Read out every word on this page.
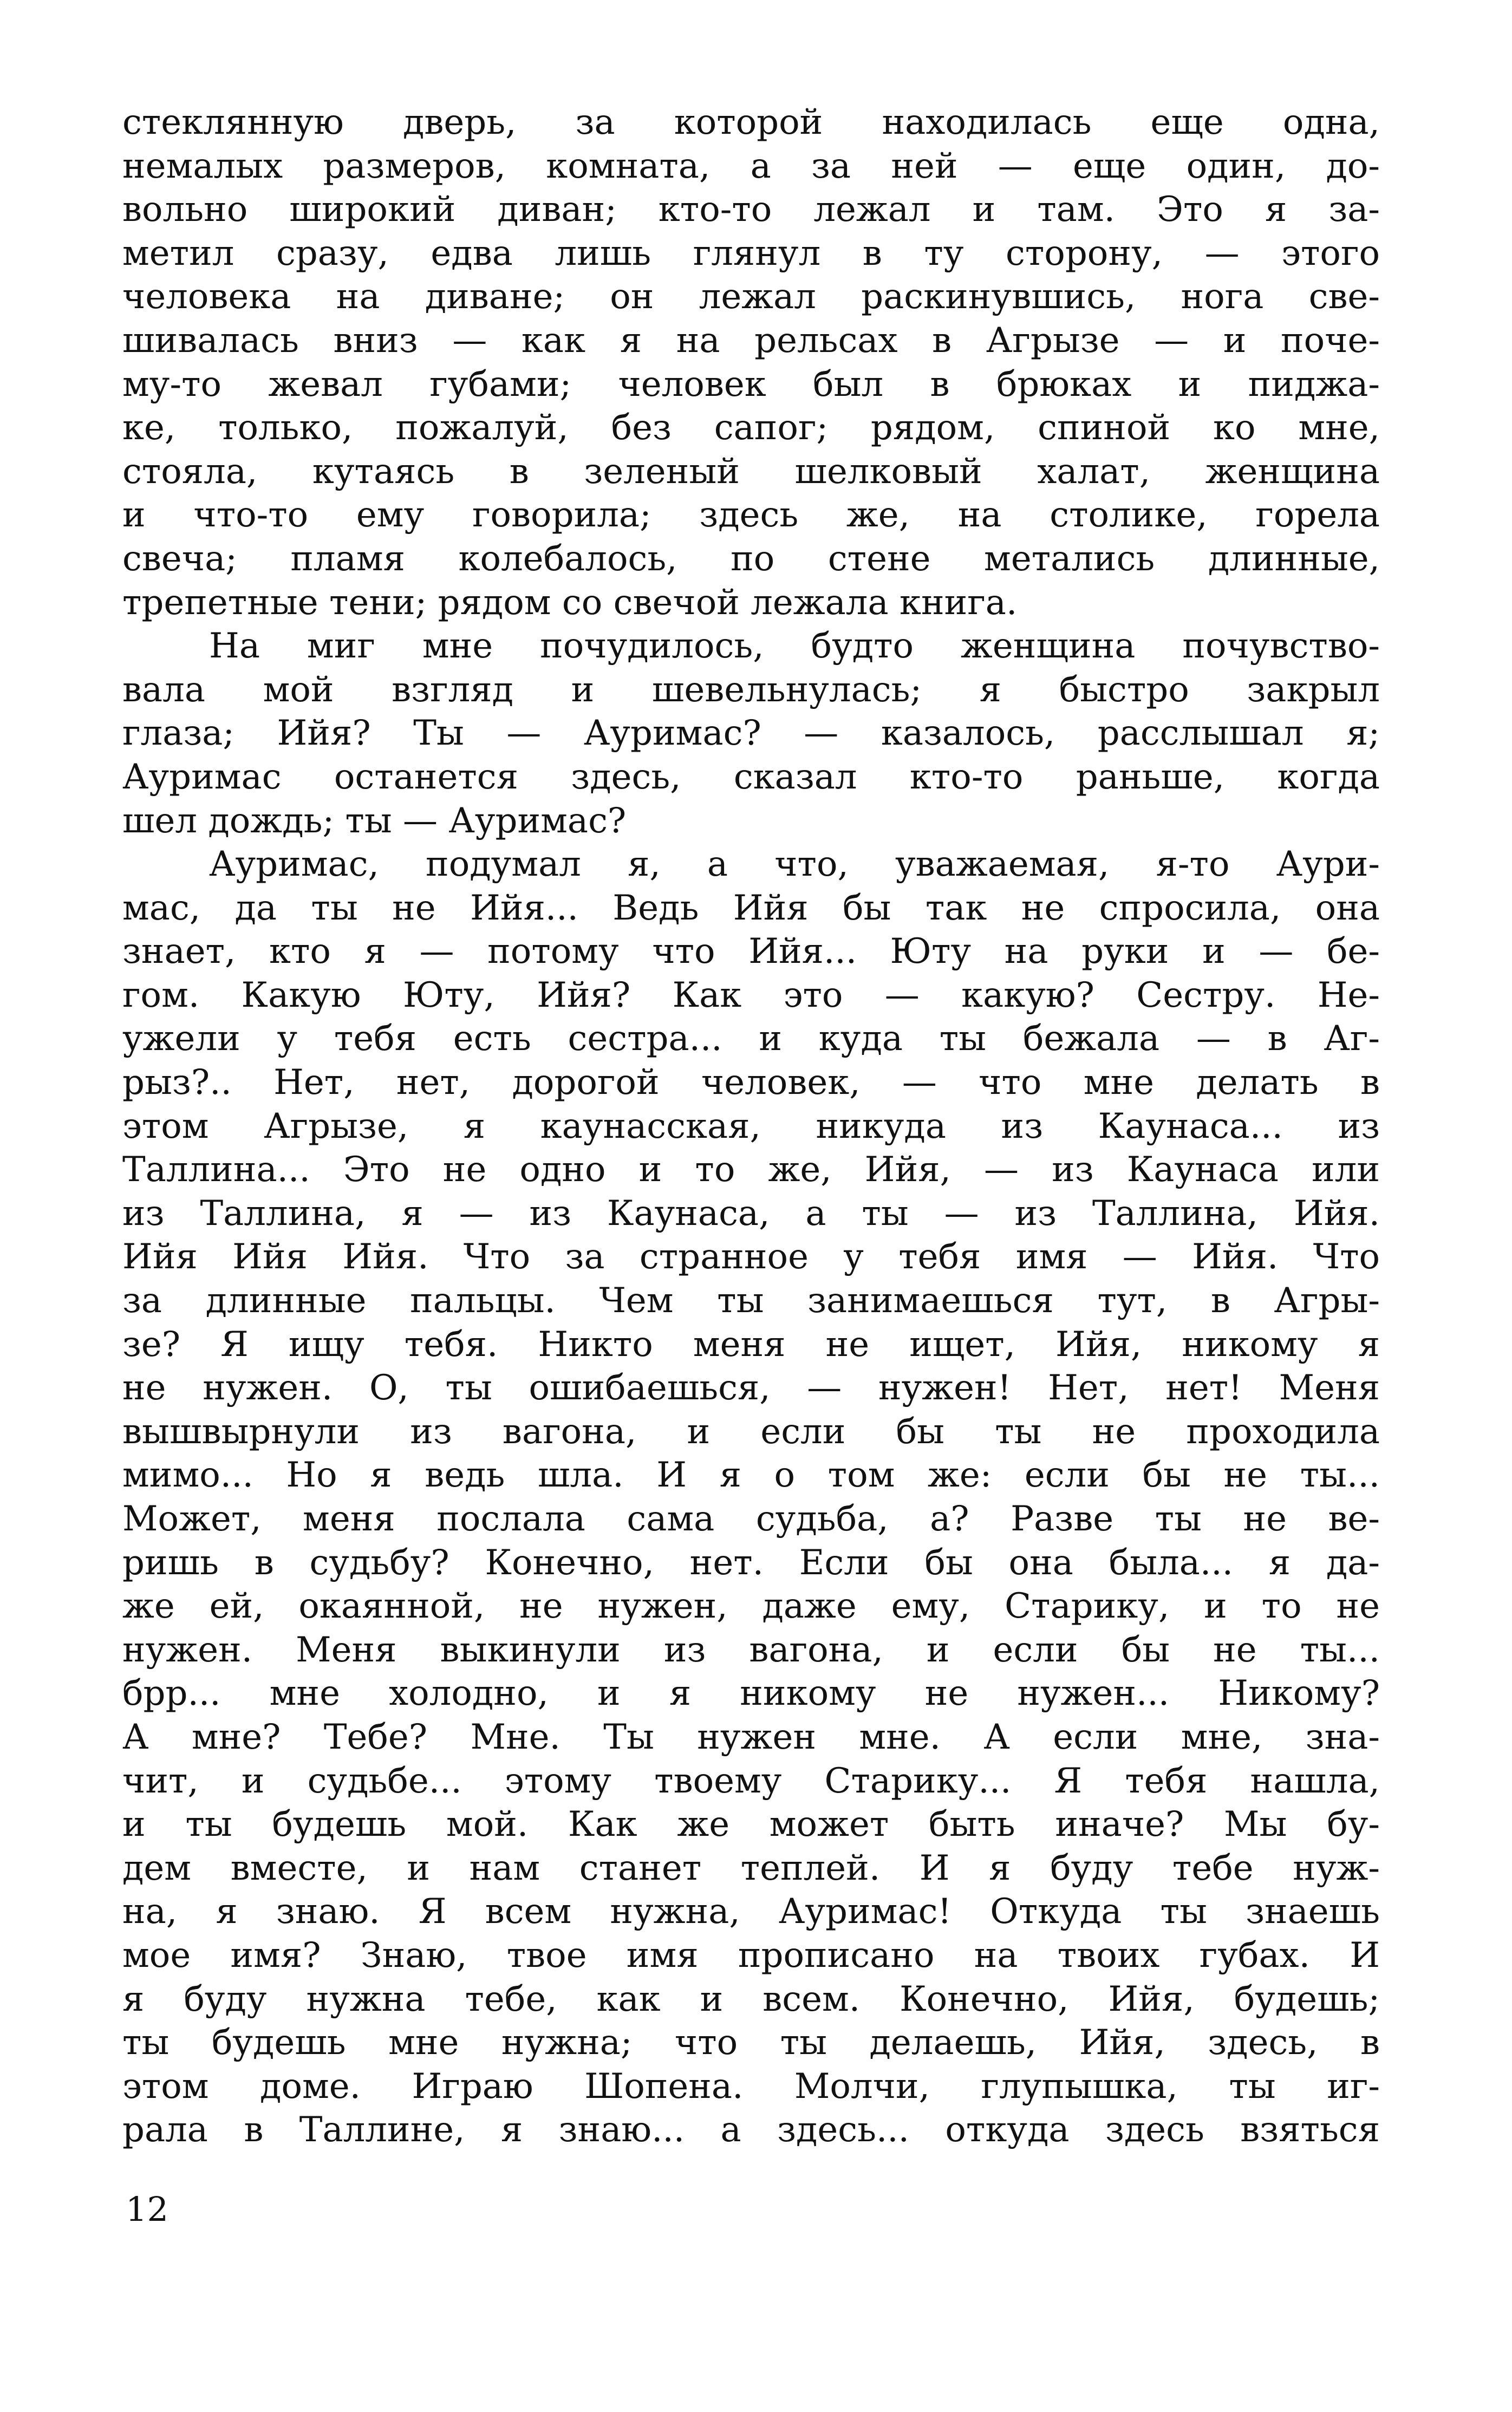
стеклянную дверь, за которой находилась еще одна,
немалых размеров, комната, а за ней — еще один, до-
вольно широкий диван; кто-то лежал и там. Это я за-
метил сразу, едва лишь глянул в ту сторону, — этого
человека на диване; он лежал раскинувшись, нога све-
шивалась вниз — как я на рельсах в Агрызе — и поче-
му-то жевал губами; человек был в брюках и пиджа-
ке, только, пожалуй, без сапог; рядом, спиной ко мне,
стояла, кутаясь в зеленый шелковый халат, женщина
и что-то ему говорила; здесь же, на столике, горела
свеча; пламя колебалось, по стене метались длинные,
трепетные тени; рядом со свечой лежала книга.
На миг мне почудилось, будто женщина почувство-
вала мой взгляд и шевельнулась; я быстро закрыл
глаза; Ийя? Ты — Ауримас? — казалось, расслышал я;
Ауримас останется здесь, сказал кто-то раньше, когда
шел дождь; ты — Ауримас?
Ауримас, подумал я, а что, уважаемая, я-то Аури-
мас, да ты не Ийя... Ведь Ийя бы так не спросила, она
знает, кто я — потому что Ийя... Юту на руки и — бе-
гом. Какую Юту, Ийя? Как это — какую? Сестру. Не-
ужели у тебя есть сестра... и куда ты бежала — в Аг-
рыз?.. Нет, нет, дорогой человек, — что мне делать в
этом Агрызе, я каунасская, никуда из Каунаса... из
Таллина... Это не одно и то же, Ийя, — из Каунаса или
из Таллина, я — из Каунаса, а ты — из Таллина, Ийя.
Ийя Ийя Ийя. Что за странное у тебя имя — Ийя. Что
за длинные пальцы. Чем ты занимаешься тут, в Агры-
зе? Я ищу тебя. Никто меня не ищет, Ийя, никому я
не нужен. О, ты ошибаешься, — нужен! Нет, нет! Меня
вышвырнули из вагона, и если бы ты не проходила
мимо... Но я ведь шла. И я о том же: если бы не ты...
Может, меня послала сама судьба, а? Разве ты не ве-
ришь в судьбу? Конечно, нет. Если бы она была... я да-
же ей, окаянной, не нужен, даже ему, Старику, и то не
нужен. Меня выкинули из вагона, и если бы не ты...
брр... мне холодно, и я никому не нужен... Никому?
А мне? Тебе? Мне. Ты нужен мне. А если мне, зна-
чит, и судьбе... этому твоему Старику... Я тебя нашла,
и ты будешь мой. Как же может быть иначе? Мы бу-
дем вместе, и нам станет теплей. И я буду тебе нуж-
на, я знаю. Я всем нужна, Ауримас! Откуда ты знаешь
мое имя? Знаю, твое имя прописано на твоих губах. И
я буду нужна тебе, как и всем. Конечно, Ийя, будешь;
ты будешь мне нужна; что ты делаешь, Ийя, здесь, в
этом доме. Играю Шопена. Молчи, глупышка, ты иг-
рала в Таллине, я знаю... а здесь... откуда здесь взяться
12
